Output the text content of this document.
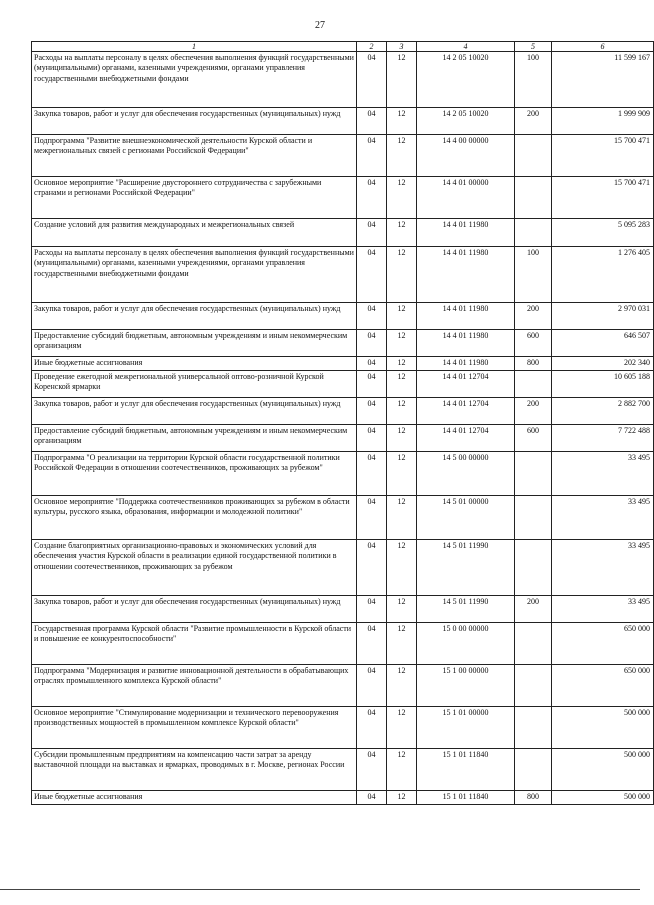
27
1	2	3	4	5	6
Расходы на выплаты персоналу в целях обеспечения выполнения функций государственными (муниципальными) органами, казенными учреждениями, органами управления государственными внебюджетными фондами	04	12	14 2 05 10020	100	11 599 167
Закупка товаров, работ и услуг для обеспечения государственных (муниципальных) нужд	04	12	14 2 05 10020	200	1 999 909
Подпрограмма "Развитие внешнеэкономической деятельности Курской области и межрегиональных связей с регионами Российской Федерации"	04	12	14 4 00 00000		15 700 471
Основное мероприятие "Расширение двустороннего сотрудничества с зарубежными странами и регионами Российской Федерации"	04	12	14 4 01 00000		15 700 471
Создание условий для развития международных и межрегиональных связей	04	12	14 4 01 11980		5 095 283
Расходы на выплаты персоналу в целях обеспечения выполнения функций государственными (муниципальными) органами, казенными учреждениями, органами управления государственными внебюджетными фондами	04	12	14 4 01 11980	100	1 276 405
Закупка товаров, работ и услуг для обеспечения государственных (муниципальных) нужд	04	12	14 4 01 11980	200	2 970 031
Предоставление субсидий бюджетным, автономным учреждениям и иным некоммерческим организациям	04	12	14 4 01 11980	600	646 507
Иные бюджетные ассигнования	04	12	14 4 01 11980	800	202 340
Проведение ежегодной межрегиональной универсальной оптово-розничной Курской Коренской ярмарки	04	12	14 4 01 12704		10 605 188
Закупка товаров, работ и услуг для обеспечения государственных (муниципальных) нужд	04	12	14 4 01 12704	200	2 882 700
Предоставление субсидий бюджетным, автономным учреждениям и иным некоммерческим организациям	04	12	14 4 01 12704	600	7 722 488
Подпрограмма "О реализации на территории Курской области государственной политики Российской Федерации в отношении соотечественников, проживающих за рубежом"	04	12	14 5 00 00000		33 495
Основное мероприятие "Поддержка соотечественников проживающих за рубежом в области культуры, русского языка, образования, информации и молодежной политики"	04	12	14 5 01 00000		33 495
Создание благоприятных организационно-правовых и экономических условий для обеспечения участия Курской области в реализации единой государственной политики в отношении соотечественников, проживающих за рубежом	04	12	14 5 01 11990		33 495
Закупка товаров, работ и услуг для обеспечения государственных (муниципальных) нужд	04	12	14 5 01 11990	200	33 495
Государственная программа Курской области "Развитие промышленности в Курской области и повышение ее конкурентоспособности"	04	12	15 0 00 00000		650 000
Подпрограмма "Модернизация и развитие инновационной деятельности в обрабатывающих отраслях промышленного комплекса Курской области"	04	12	15 1 00 00000		650 000
Основное мероприятие "Стимулирование модернизации и технического перевооружения производственных мощностей в промышленном комплексе Курской области"	04	12	15 1 01 00000		500 000
Субсидии промышленным предприятиям на компенсацию части затрат за аренду выставочной площади на выставках и ярмарках, проводимых в г. Москве, регионах России	04	12	15 1 01 11840		500 000
Иные бюджетные ассигнования	04	12	15 1 01 11840	800	500 000
